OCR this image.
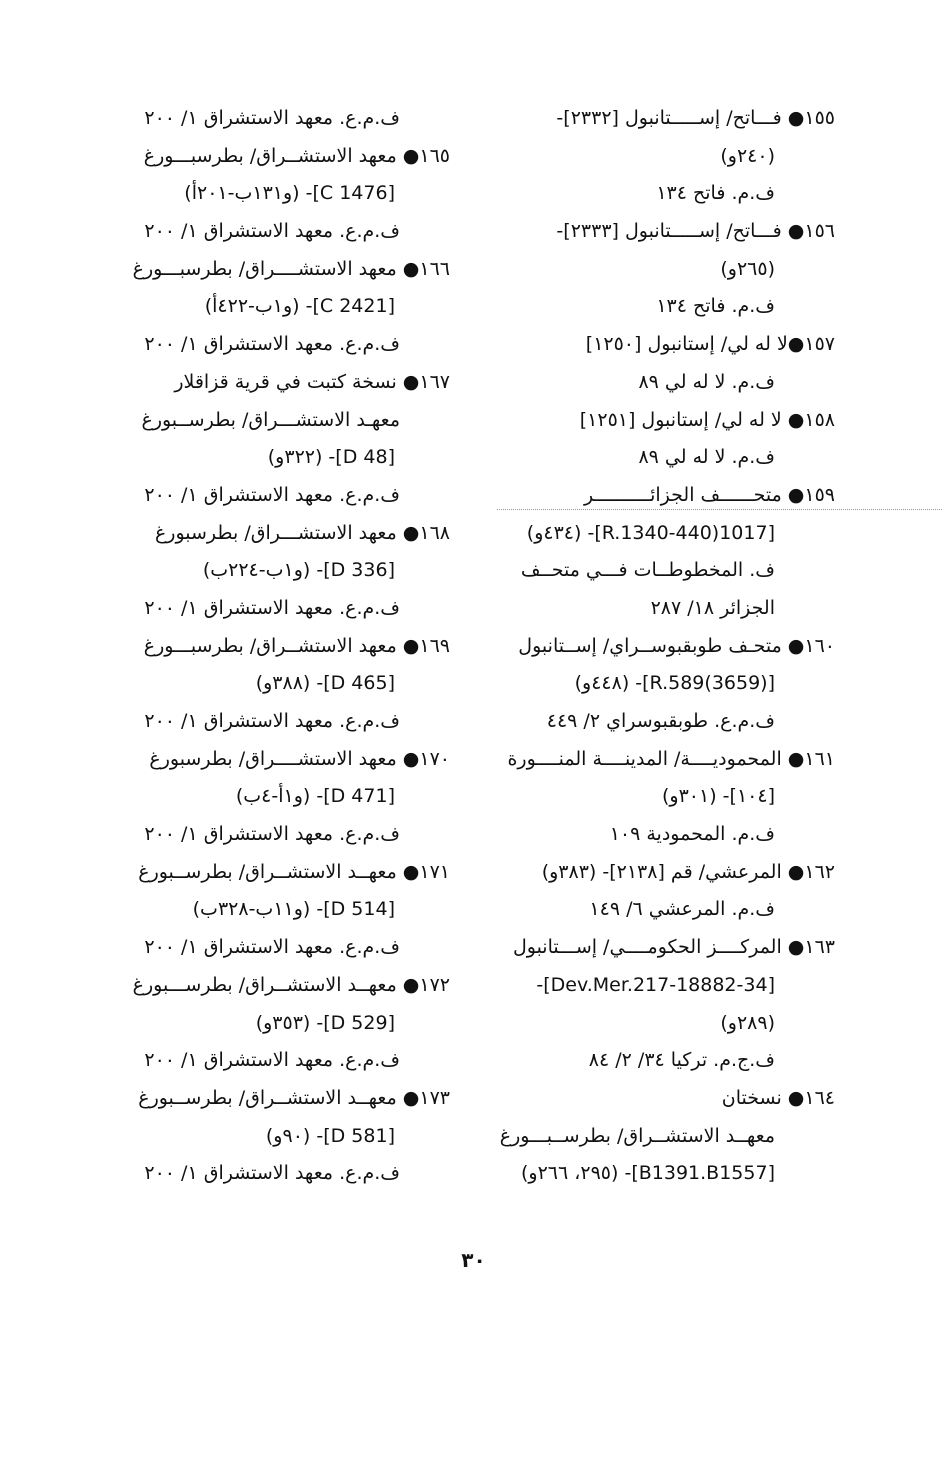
١٥٥● فـــاتح/ إســـــتانبول [٢٣٣٢]-
(٢٤٠و)
ف.م. فاتح ١٣٤
١٥٦● فـــاتح/ إســـــتانبول [٢٣٣٣]-
(٢٦٥و)
ف.م. فاتح ١٣٤
١٥٧●لا له لي/ إستانبول [١٢٥٠]
ف.م. لا له لي ٨٩
١٥٨● لا له لي/ إستانبول [١٢٥١]
ف.م. لا له لي ٨٩
١٥٩● متحــــــف الجزائــــــــــر
[1017(440-R.1340]- (٤٣٤و)
ف. المخطوطــات فـــي متحــف
الجزائر ١٨/ ٢٨٧
١٦٠● متحـف طوبقبوســراي/ إســتانبول
[(3659)R.589]- (٤٤٨و)
ف.م.ع. طوبقبوسراي ٢/ ٤٤٩
١٦١● المحموديــــة/ المدينــــة المنــــورة
[١٠٤]- (٣٠١و)
ف.م. المحمودية ١٠٩
١٦٢● المرعشي/ قم [٢١٣٨]- (٣٨٣و)
ف.م. المرعشي ٦/ ١٤٩
١٦٣● المركــــز الحكومــــي/ إســـتانبول
[34-Dev.Mer.217-18882]-
(٢٨٩و)
ف.ج.م. تركيا ٣٤/ ٢/ ٨٤
١٦٤● نسختان
معهــد الاستشــراق/ بطرســبـــورغ
[B1391.B1557]- (٢٩٥، ٢٦٦و)
ف.م.ع. معهد الاستشراق ١/ ٢٠٠
١٦٥● معهد الاستشــراق/ بطرسبـــورغ
[C 1476]- (و١٣١ب-٢٠١أ)
ف.م.ع. معهد الاستشراق ١/ ٢٠٠
١٦٦● معهد الاستشــــراق/ بطرسبـــورغ
[C 2421]- (و١ب-٤٢٢أ)
ف.م.ع. معهد الاستشراق ١/ ٢٠٠
١٦٧● نسخة كتبت في قرية قزاقلار
معهـد الاستشـــراق/ بطرســبورغ
[D 48]- (٣٢٢و)
ف.م.ع. معهد الاستشراق ١/ ٢٠٠
١٦٨● معهد الاستشـــراق/ بطرسبورغ
[D 336]- (و١ب-٢٢٤ب)
ف.م.ع. معهد الاستشراق ١/ ٢٠٠
١٦٩● معهد الاستشــراق/ بطرسبـــورغ
[D 465]- (٣٨٨و)
ف.م.ع. معهد الاستشراق ١/ ٢٠٠
١٧٠● معهد الاستشــــراق/ بطرسبورغ
[D 471]- (و١أ-٤ب)
ف.م.ع. معهد الاستشراق ١/ ٢٠٠
١٧١● معهــد الاستشــراق/ بطرســبورغ
[D 514]- (و١١ب-٣٢٨ب)
ف.م.ع. معهد الاستشراق ١/ ٢٠٠
١٧٢● معهــد الاستشــراق/ بطرســـبورغ
[D 529]- (٣٥٣و)
ف.م.ع. معهد الاستشراق ١/ ٢٠٠
١٧٣● معهــد الاستشــراق/ بطرســبورغ
[D 581]- (٩٠و)
ف.م.ع. معهد الاستشراق ١/ ٢٠٠
٣٠
